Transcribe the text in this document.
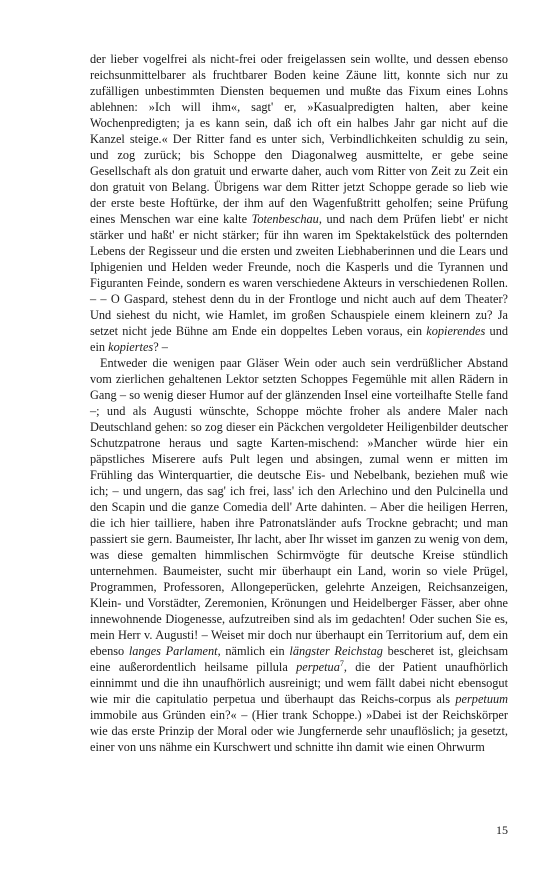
der lieber vogelfrei als nicht-frei oder freigelassen sein wollte, und dessen ebenso reichsunmittelbarer als fruchtbarer Boden keine Zäune litt, konnte sich nur zu zufälligen unbestimmten Diensten bequemen und mußte das Fixum eines Lohns ablehnen: »Ich will ihm«, sagt' er, »Kasualpredigten halten, aber keine Wochenpredigten; ja es kann sein, daß ich oft ein halbes Jahr gar nicht auf die Kanzel steige.« Der Ritter fand es unter sich, Verbindlichkeiten schuldig zu sein, und zog zurück; bis Schoppe den Diagonalweg ausmittelte, er gebe seine Gesellschaft als don gratuit und erwarte daher, auch vom Ritter von Zeit zu Zeit ein don gratuit von Belang. Übrigens war dem Ritter jetzt Schoppe gerade so lieb wie der erste beste Hoftürke, der ihm auf den Wagenfußtritt geholfen; seine Prüfung eines Menschen war eine kalte Totenbeschau, und nach dem Prüfen liebt' er nicht stärker und haßt' er nicht stärker; für ihn waren im Spektakelstück des polternden Lebens der Regisseur und die ersten und zweiten Liebhaberinnen und die Lears und Iphigenien und Helden weder Freunde, noch die Kasperls und die Tyrannen und Figuranten Feinde, sondern es waren verschiedene Akteurs in verschiedenen Rollen. – – O Gaspard, stehest denn du in der Frontloge und nicht auch auf dem Theater? Und siehest du nicht, wie Hamlet, im großen Schauspiele einem kleinern zu? Ja setzet nicht jede Bühne am Ende ein doppeltes Leben voraus, ein kopierendes und ein kopiertes? –

Entweder die wenigen paar Gläser Wein oder auch sein verdrüßlicher Abstand vom zierlichen gehaltenen Lektor setzten Schoppes Fegemühle mit allen Rädern in Gang – so wenig dieser Humor auf der glänzenden Insel eine vorteilhafte Stelle fand –; und als Augusti wünschte, Schoppe möchte froher als andere Maler nach Deutschland gehen: so zog dieser ein Päckchen vergoldeter Heiligenbilder deutscher Schutzpatrone heraus und sagte Karten-mischend: »Mancher würde hier ein päpstliches Miserere aufs Pult legen und absingen, zumal wenn er mitten im Frühling das Winterquartier, die deutsche Eis- und Nebelbank, beziehen muß wie ich; – und ungern, das sag' ich frei, lass' ich den Arlechino und den Pulcinella und den Scapin und die ganze Comedia dell' Arte dahinten. – Aber die heiligen Herren, die ich hier tailliere, haben ihre Patronatsländer aufs Trockne gebracht; und man passiert sie gern. Baumeister, Ihr lacht, aber Ihr wisset im ganzen zu wenig von dem, was diese gemalten himmlischen Schirmvögte für deutsche Kreise stündlich unternehmen. Baumeister, sucht mir überhaupt ein Land, worin so viele Prügel, Programmen, Professoren, Allongeperücken, gelehrte Anzeigen, Reichsanzeigen, Klein- und Vorstädter, Zeremonien, Krönungen und Heidelberger Fässer, aber ohne innewohnende Diogenesse, aufzutreiben sind als im gedachten! Oder suchen Sie es, mein Herr v. Augusti! – Weiset mir doch nur überhaupt ein Territorium auf, dem ein ebenso langes Parlament, nämlich ein längster Reichstag bescheret ist, gleichsam eine außerordentlich heilsame pillula perpetua$^7$, die der Patient unaufhörlich einnimmt und die ihn unaufhörlich ausreinigt; und wem fällt dabei nicht ebensogut wie mir die capitulatio perpetua und überhaupt das Reichs-corpus als perpetuum immobile aus Gründen ein?« – (Hier trank Schoppe.) »Dabei ist der Reichskörper wie das erste Prinzip der Moral oder wie Jungfernerde sehr unauflöslich; ja gesetzt, einer von uns nähme ein Kurschwert und schnitte ihn damit wie einen Ohrwurm

15
